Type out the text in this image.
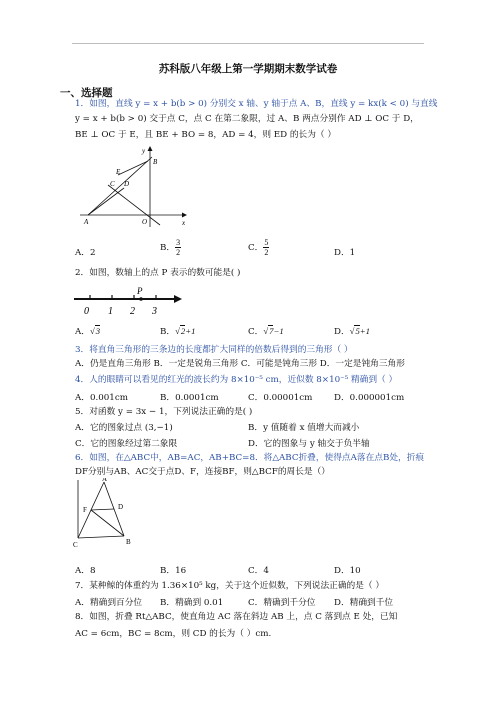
苏科版八年级上第一学期期末数学试卷
一、选择题
1．如图，直线 y = x + b(b > 0) 分别交 x 轴、y 轴于点 A、B，直线 y = kx(k < 0) 与直线
y = x + b(b > 0) 交于点 C，点 C 在第二象限，过 A、B 两点分别作 AD ⊥ OC 于 D，
BE ⊥ OC 于 E，且 BE + BO = 8，AD = 4，则 ED 的长为（ ）
y
B
E
C D
A	O	x
A．2	B． $\frac{3}{2}$	C． $\frac{5}{2}$	D．1
2．如图，数轴上的点 P 表示的数可能是( )
P
0 1 2 3
A．√3	B．√2+1	C．√7−1	D．√5+1
3．将直角三角形的三条边的长度都扩大同样的倍数后得到的三角形（ ）
A．仍是直角三角形 B．一定是锐角三角形 C．可能是钝角三形 D．一定是钝角三角形
4．人的眼睛可以看见的红光的波长约为 8×10⁻⁵ cm，近似数 8×10⁻⁵ 精确到（ ）
A．0.001cm	B．0.0001cm	C．0.00001cm D．0.000001cm
5．对函数 y = 3x − 1，下列说法正确的是( )
A．它的图象过点 (3,−1)	B．y 值随着 x 值增大而减小
C．它的图象经过第二象限	D．它的图象与 y 轴交于负半轴
6．如图，在△ABC中，AB=AC，AB+BC=8．将△ABC折叠，使得点A落在点B处，折痕
DF分别与AB、AC交于点D、F，连接BF，则△BCF的周长是（）
A
D
F
C	B
A．8	B．16	C．4	D．10
7．某种鲸的体重约为 1.36×10⁵ kg，关于这个近似数，下列说法正确的是（ ）
A．精确到百分位 B．精确到 0.01	C．精确到千分位 D．精确到千位
8．如图，折叠 Rt△ABC，使直角边 AC 落在斜边 AB 上，点 C 落到点 E 处，已知
AC = 6cm，BC = 8cm，则 CD 的长为（ ）cm.
